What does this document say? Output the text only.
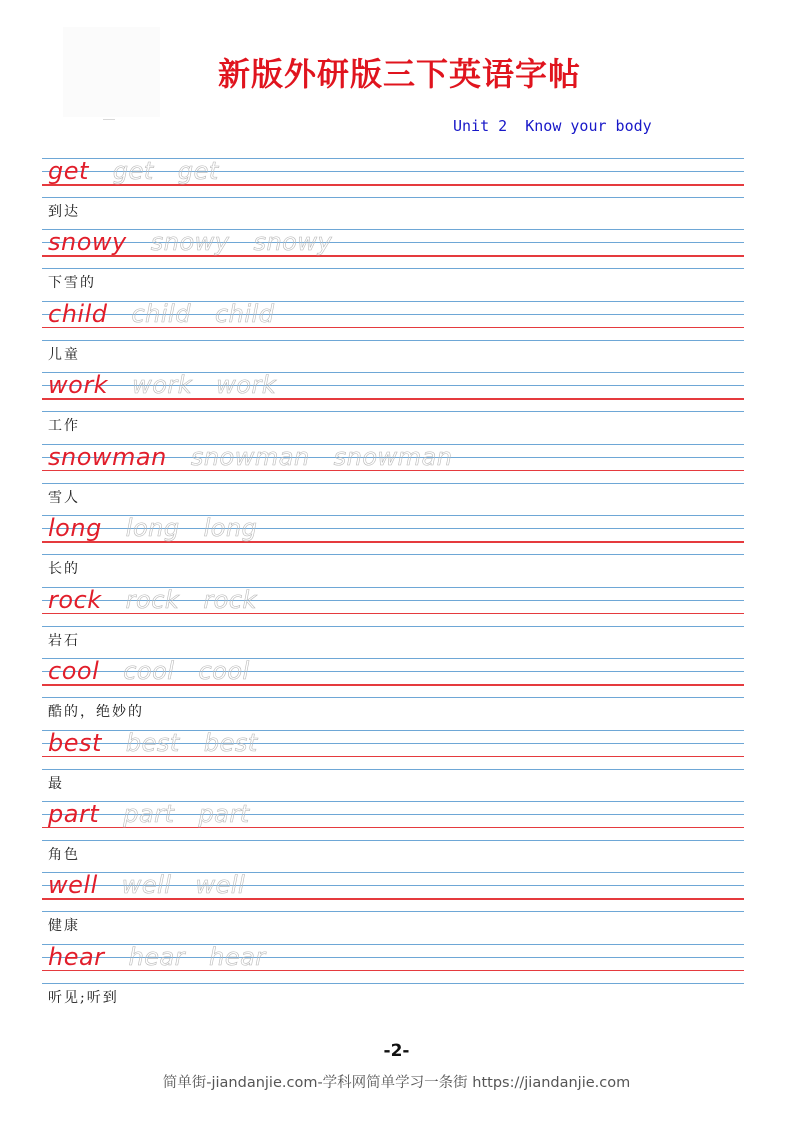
新版外研版三下英语字帖
Unit 2  Know your body
get get get
到达
snowy snowy snowy
下雪的
child child child
儿童
work work work
工作
snowman snowman snowman
雪人
long long long
长的
rock rock rock
岩石
cool cool cool
酷的，绝妙的
best best best
最
part part part
角色
well well well
健康
hear hear hear
听见;听到
-2-
简单街-jiandanjie.com-学科网简单学习一条街 https://jiandanjie.com
